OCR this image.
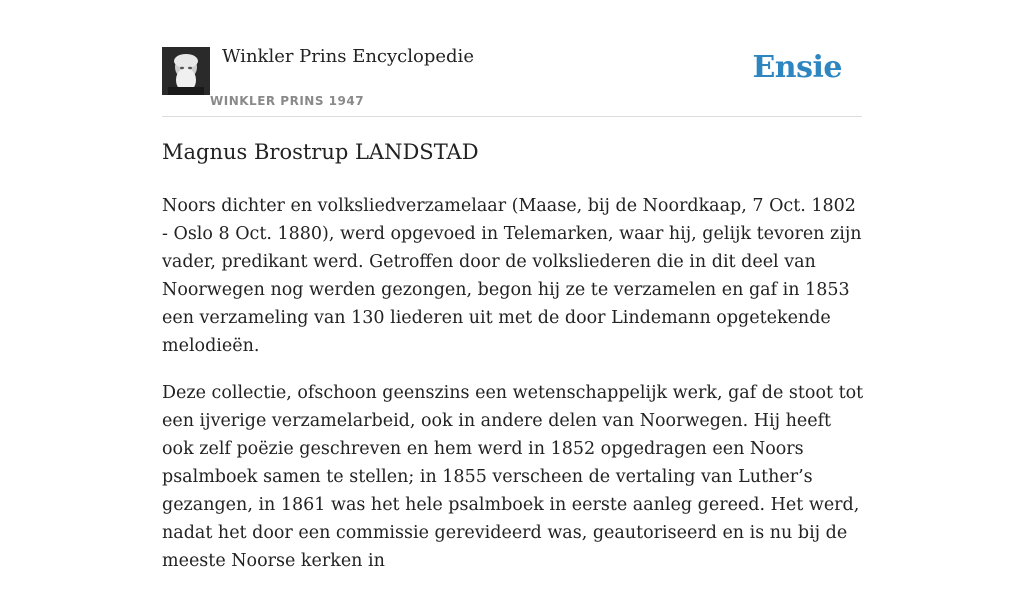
Winkler Prins Encyclopedie
WINKLER PRINS 1947
Ensie
Magnus Brostrup LANDSTAD

Noors dichter en volksliedverzamelaar (Maase, bij de Noordkaap, 7 Oct. 1802 - Oslo 8 Oct. 1880), werd opgevoed in Telemarken, waar hij, gelijk tevoren zijn vader, predikant werd. Getroffen door de volksliederen die in dit deel van Noorwegen nog werden gezongen, begon hij ze te verzamelen en gaf in 1853 een verzameling van 130 liederen uit met de door Lindemann opgetekende melodieën.

Deze collectie, ofschoon geenszins een wetenschappelijk werk, gaf de stoot tot een ijverige verzamelarbeid, ook in andere delen van Noorwegen. Hij heeft ook zelf poëzie geschreven en hem werd in 1852 opgedragen een Noors psalmboek samen te stellen; in 1855 verscheen de vertaling van Luther’s gezangen, in 1861 was het hele psalmboek in eerste aanleg gereed. Het werd, nadat het door een commissie gerevideerd was, geautoriseerd en is nu bij de meeste Noorse kerken in
